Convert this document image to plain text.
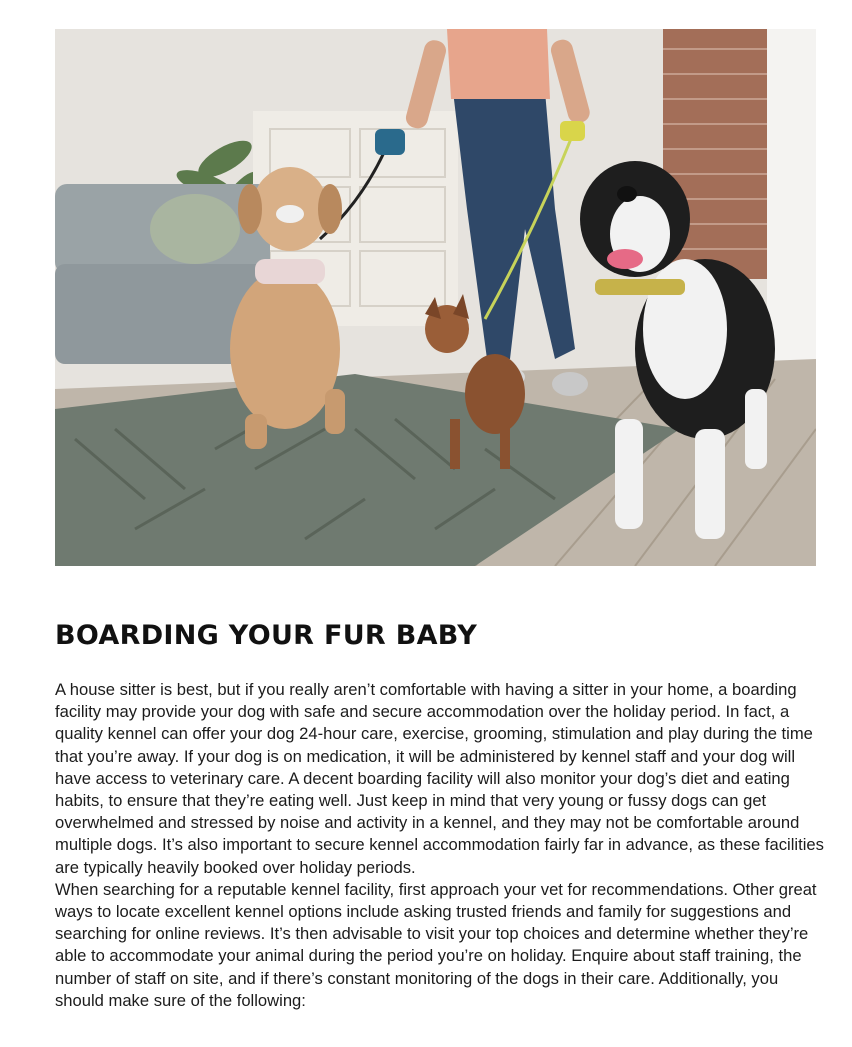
BOARDING YOUR FUR BABY

A house sitter is best, but if you really aren’t comfortable with having a sitter in your home, a boarding facility may provide your dog with safe and secure accommodation over the holiday period. In fact, a quality kennel can offer your dog 24-hour care, exercise, grooming, stimulation and play during the time that you’re away. If your dog is on medication, it will be administered by kennel staff and your dog will have access to veterinary care. A decent boarding facility will also monitor your dog’s diet and eating habits, to ensure that they’re eating well. Just keep in mind that very young or fussy dogs can get overwhelmed and stressed by noise and activity in a kennel, and they may not be comfortable around multiple dogs. It’s also important to secure kennel accommodation fairly far in advance, as these facilities are typically heavily booked over holiday periods.

When searching for a reputable kennel facility, first approach your vet for recommendations. Other great ways to locate excellent kennel options include asking trusted friends and family for suggestions and searching for online reviews. It’s then advisable to visit your top choices and determine whether they’re able to accommodate your animal during the period you’re on holiday. Enquire about staff training, the number of staff on site, and if there’s constant monitoring of the dogs in their care. Additionally, you should make sure of the following:
